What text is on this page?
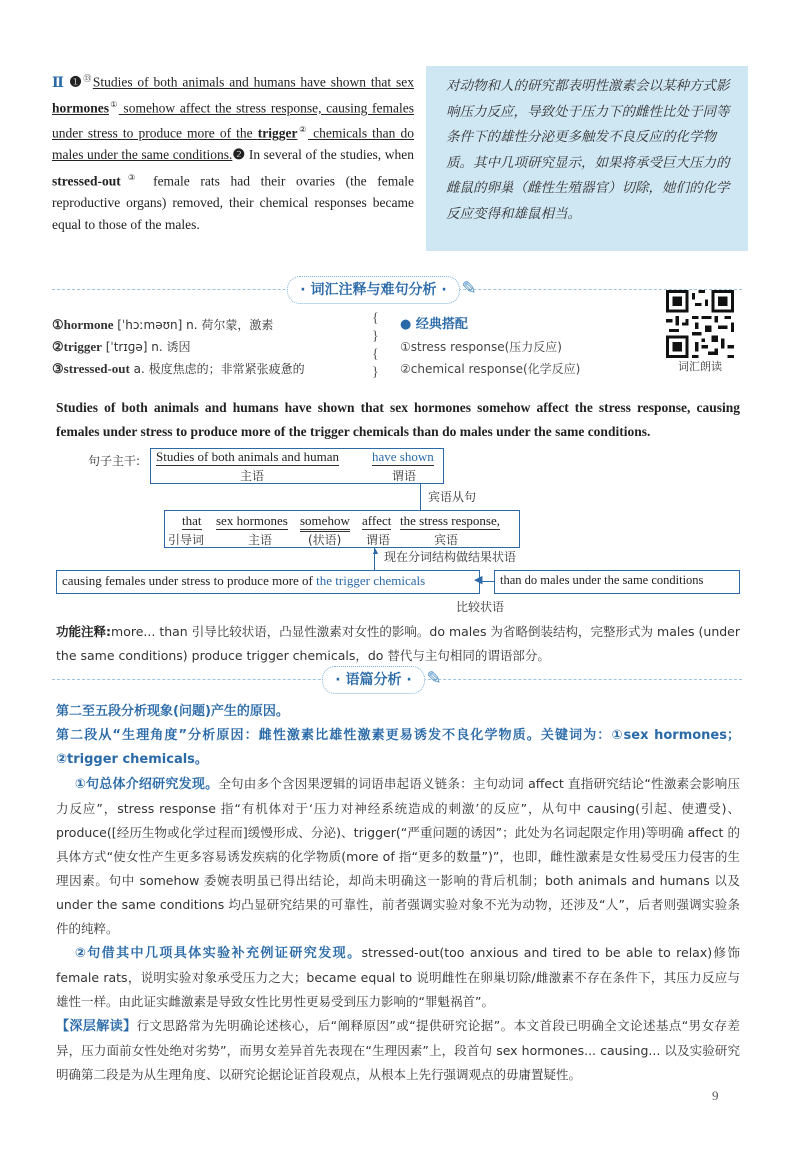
Ⅱ ❶⑬Studies of both animals and humans have shown that sex hormones① somehow affect the stress response, causing females under stress to produce more of the trigger② chemicals than do males under the same conditions.❷ In several of the studies, when stressed-out③ female rats had their ovaries (the female reproductive organs) removed, their chemical responses became equal to those of the males.
对动物和人的研究都表明性激素会以某种方式影响压力反应，导致处于压力下的雌性比处于同等条件下的雄性分泌更多触发不良反应的化学物质。其中几项研究显示，如果将承受巨大压力的雌鼠的卵巢（雌性生殖器官）切除，她们的化学反应变得和雄鼠相当。
· 词汇注释与难句分析 · ✎
①hormone [ˈhɔːməʊn] n. 荷尔蒙，激素
②trigger [ˈtrɪɡə] n. 诱因
③stressed-out a. 极度焦虑的；非常紧张疲惫的
{
}
{
}
● 经典搭配
①stress response(压力反应)
②chemical response(化学反应)	词汇朗读
Studies of both animals and humans have shown that sex hormones somehow affect the stress response, causing females under stress to produce more of the trigger chemicals than do males under the same conditions.
句子主干: Studies of both animals and human	have shown
主语	谓语
宾语从句
that sex hormones somehow affect the stress response,
引导词	主语	(状语) 谓语	宾语
▲ 现在分词结构做结果状语
causing females under stress to produce more of the trigger chemicals	◀ than do males under the same conditions
比较状语
功能注释:more... than 引导比较状语，凸显性激素对女性的影响。do males 为省略倒装结构，完整形式为 males (under the same conditions) produce trigger chemicals，do 替代与主句相同的谓语部分。
· 语篇分析 · ✎
第二至五段分析现象(问题)产生的原因。
第二段从“生理角度”分析原因：雌性激素比雄性激素更易诱发不良化学物质。关键词为：①sex hormones；②trigger chemicals。
①句总体介绍研究发现。全句由多个含因果逻辑的词语串起语义链条：主句动词 affect 直指研究结论“性激素会影响压力反应”，stress response 指“有机体对于‘压力对神经系统造成的刺激’的反应”，从句中 causing(引起、使遭受)、produce([经历生物或化学过程而]缓慢形成、分泌)、trigger(“严重问题的诱因”；此处为名词起限定作用)等明确 affect 的具体方式“使女性产生更多容易诱发疾病的化学物质(more of 指“更多的数量”)”，也即，雌性激素是女性易受压力侵害的生理因素。句中 somehow 委婉表明虽已得出结论，却尚未明确这一影响的背后机制；both animals and humans 以及 under the same conditions 均凸显研究结果的可靠性，前者强调实验对象不光为动物，还涉及“人”，后者则强调实验条件的纯粹。
②句借其中几项具体实验补充例证研究发现。stressed-out(too anxious and tired to be able to relax)修饰 female rats，说明实验对象承受压力之大；became equal to 说明雌性在卵巢切除/雌激素不存在条件下，其压力反应与雄性一样。由此证实雌激素是导致女性比男性更易受到压力影响的“罪魁祸首”。
【深层解读】行文思路常为先明确论述核心，后“阐释原因”或“提供研究论据”。本文首段已明确全文论述基点“男女存差异，压力面前女性处绝对劣势”，而男女差异首先表现在“生理因素”上，段首句 sex hormones... causing... 以及实验研究明确第二段是为从生理角度、以研究论据论证首段观点，从根本上先行强调观点的毋庸置疑性。
9
